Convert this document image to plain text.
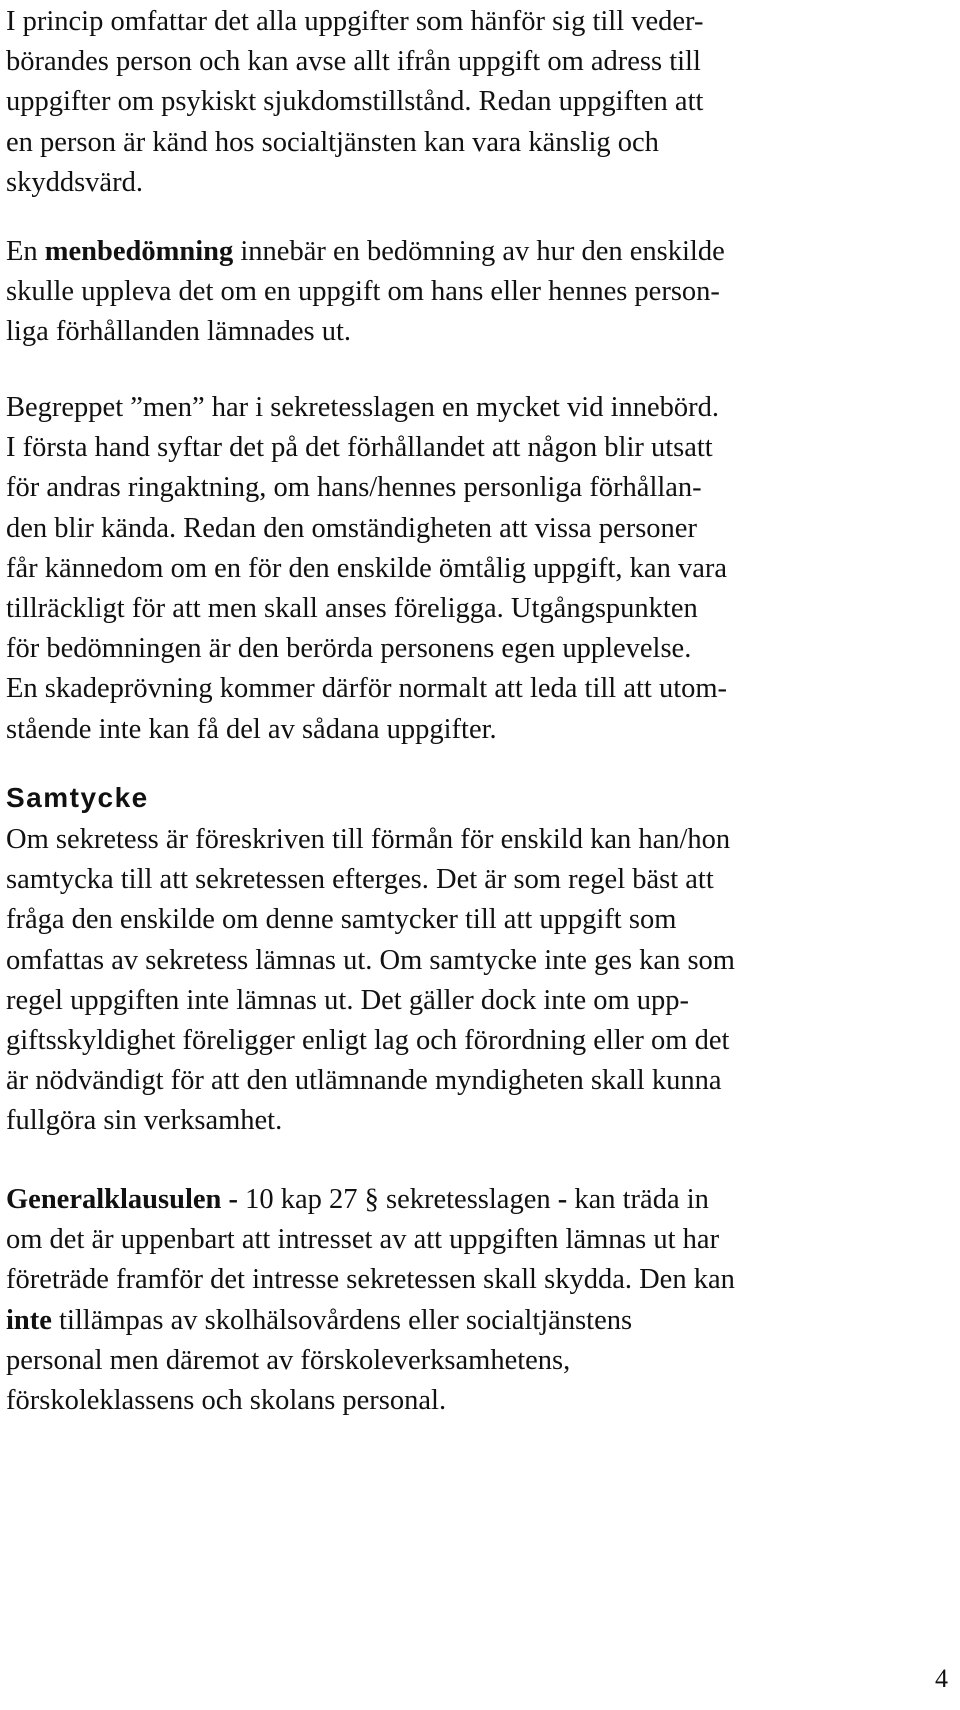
I princip omfattar det alla uppgifter som hänför sig till veder-

börandes person och kan avse allt ifrån uppgift om adress till

uppgifter om psykiskt sjukdomstillstånd. Redan uppgiften att

en person är känd hos socialtjänsten kan vara känslig och

skyddsvärd.

En menbedömning innebär en bedömning av hur den enskilde

skulle uppleva det om en uppgift om hans eller hennes person-

liga förhållanden lämnades ut.

Begreppet ”men” har i sekretesslagen en mycket vid innebörd.

I första hand syftar det på det förhållandet att någon blir utsatt

för andras ringaktning, om hans/hennes personliga förhållan-

den blir kända. Redan den omständigheten att vissa personer

får kännedom om en för den enskilde ömtålig uppgift, kan vara

tillräckligt för att men skall anses föreligga. Utgångspunkten

för bedömningen är den berörda personens egen upplevelse.

En skadeprövning kommer därför normalt att leda till att utom-

stående inte kan få del av sådana uppgifter.

Samtycke

Om sekretess är föreskriven till förmån för enskild kan han/hon

samtycka till att sekretessen efterges. Det är som regel bäst att

fråga den enskilde om denne samtycker till att uppgift som

omfattas av sekretess lämnas ut. Om samtycke inte ges kan som

regel uppgiften inte lämnas ut. Det gäller dock inte om upp-

giftsskyldighet föreligger enligt lag och förordning eller om det

är nödvändigt för att den utlämnande myndigheten skall kunna

fullgöra sin verksamhet.

Generalklausulen - 10 kap 27 § sekretesslagen - kan träda in

om det är uppenbart att intresset av att uppgiften lämnas ut har

företräde framför det intresse sekretessen skall skydda. Den kan

inte tillämpas av skolhälsovårdens eller socialtjänstens

personal men däremot av förskoleverksamhetens,

förskoleklassens och skolans personal.

4
